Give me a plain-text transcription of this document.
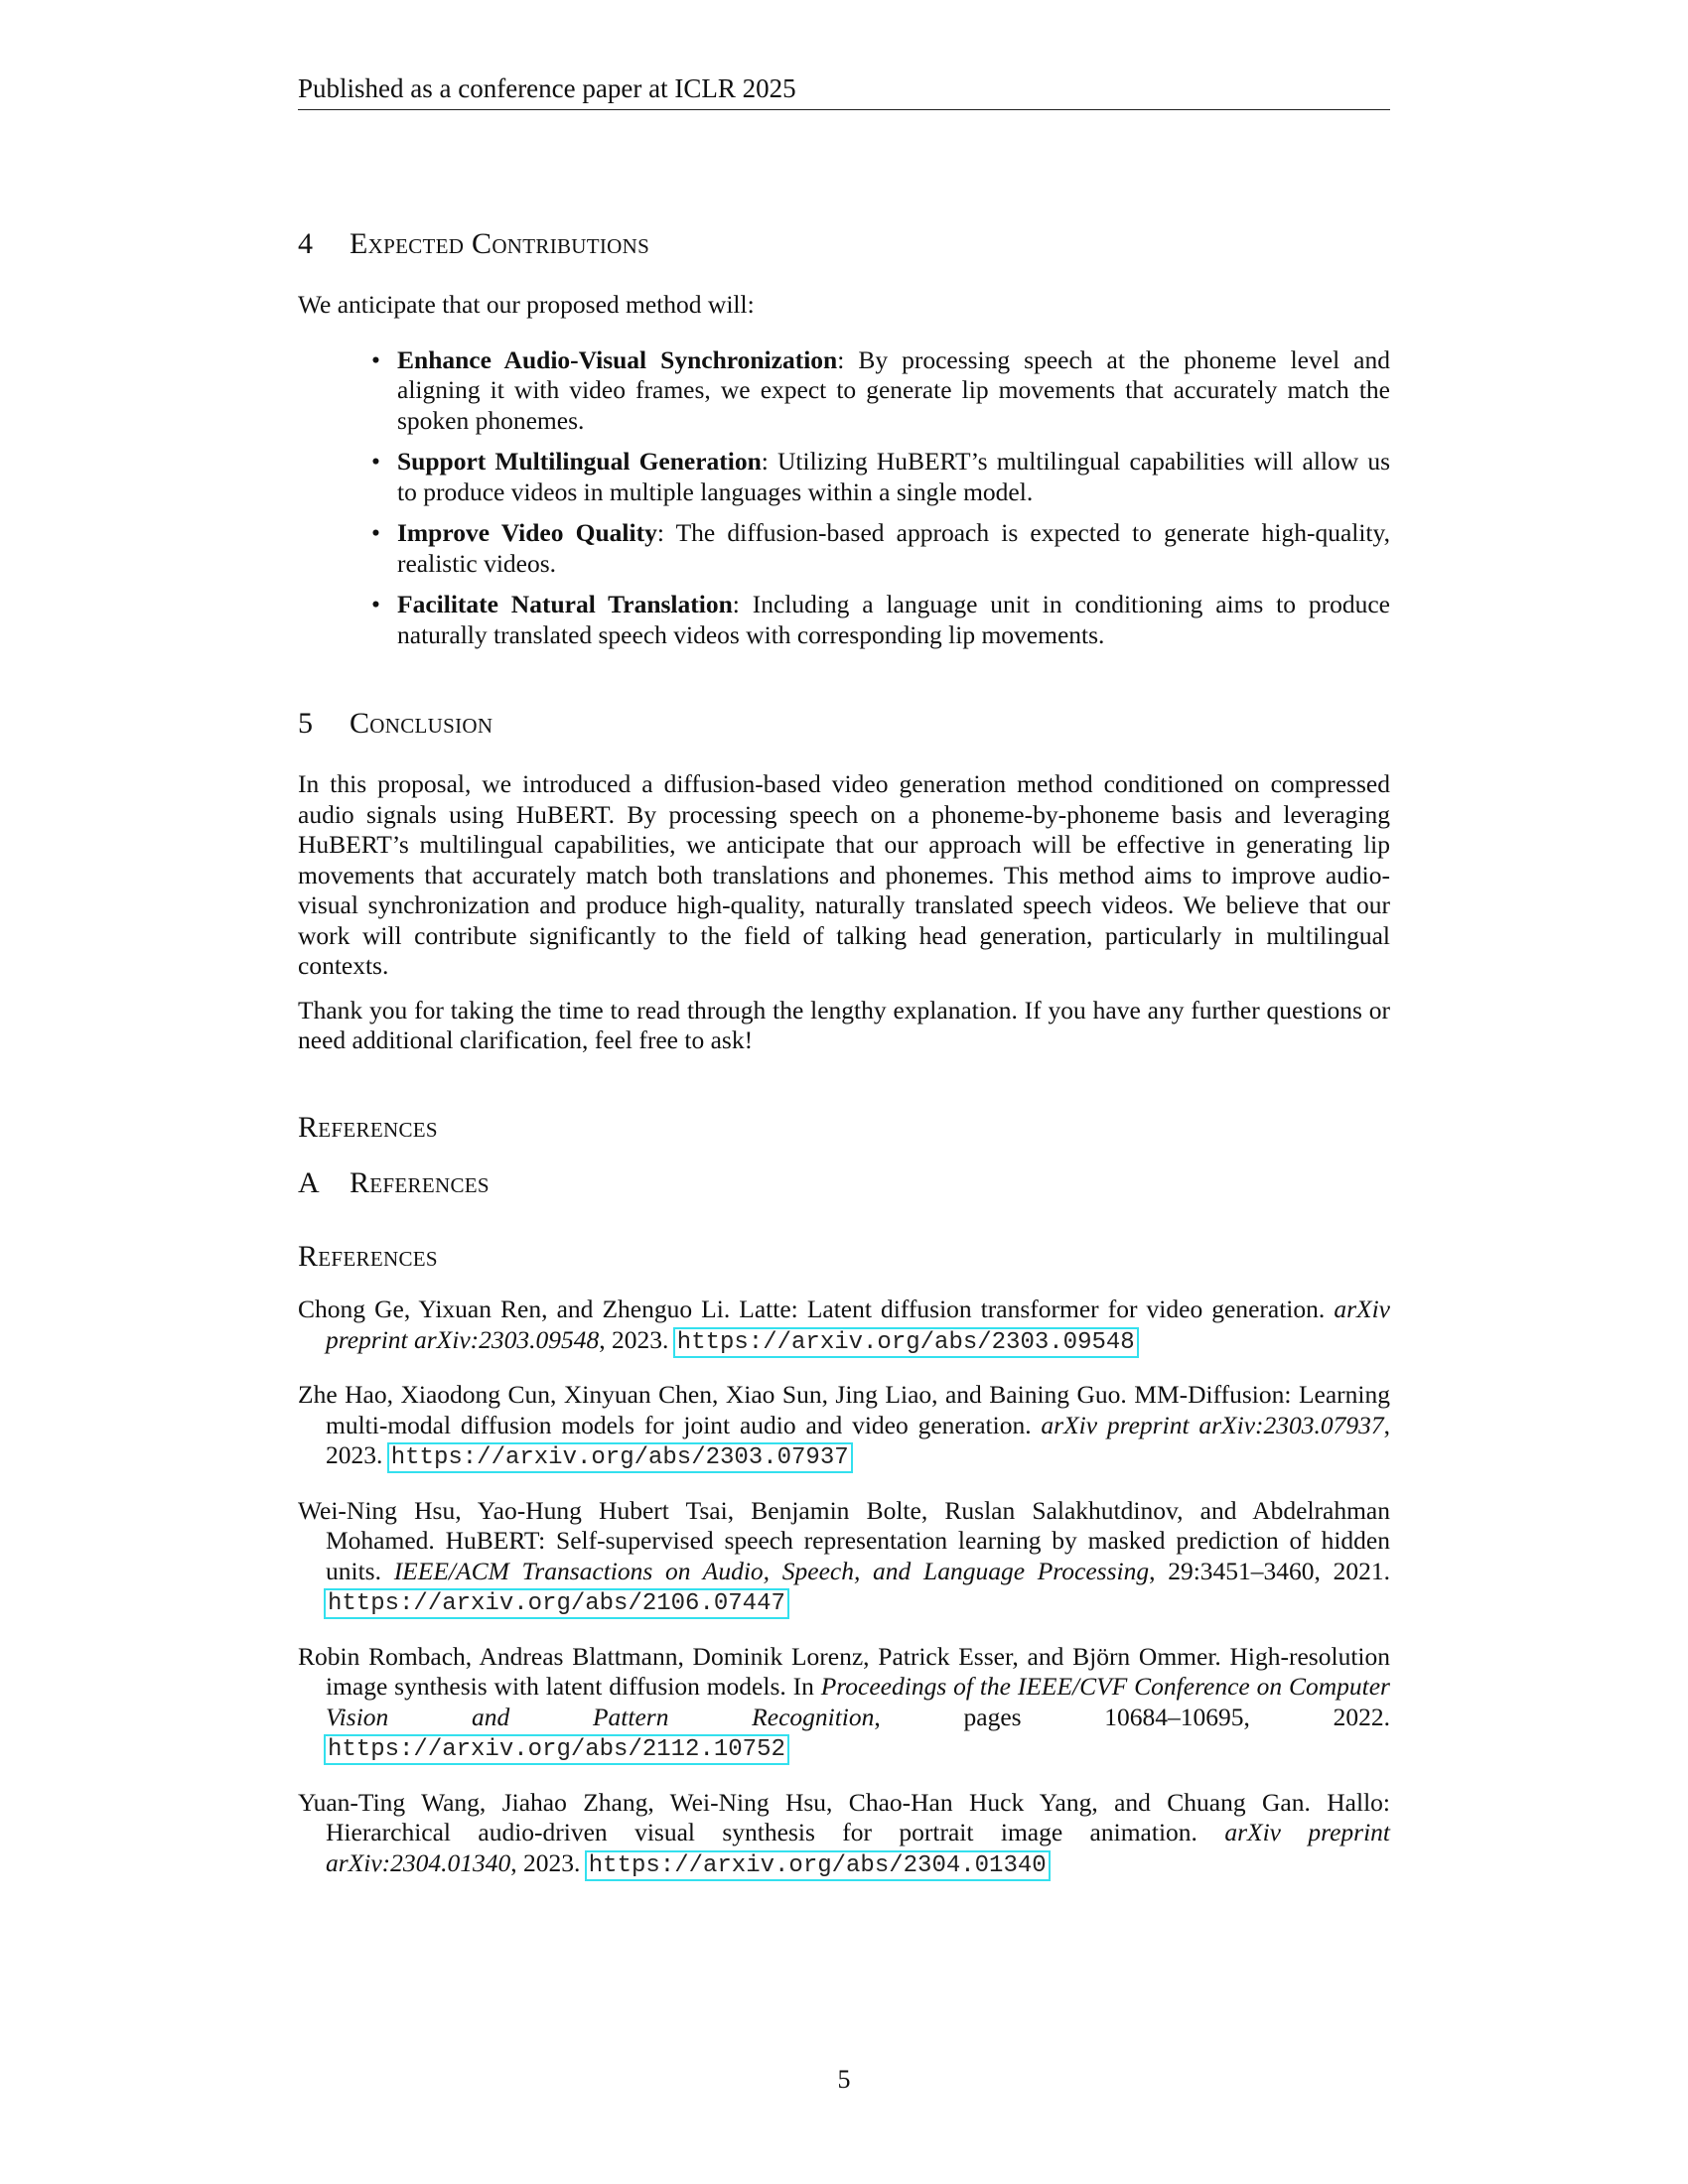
Published as a conference paper at ICLR 2025
4 Expected Contributions

We anticipate that our proposed method will:

• Enhance Audio-Visual Synchronization: By processing speech at the phoneme level and aligning it with video frames, we expect to generate lip movements that accurately match the spoken phonemes.
• Support Multilingual Generation: Utilizing HuBERT’s multilingual capabilities will allow us to produce videos in multiple languages within a single model.
• Improve Video Quality: The diffusion-based approach is expected to generate high-quality, realistic videos.
• Facilitate Natural Translation: Including a language unit in conditioning aims to produce naturally translated speech videos with corresponding lip movements.
5 Conclusion

In this proposal, we introduced a diffusion-based video generation method conditioned on compressed audio signals using HuBERT. By processing speech on a phoneme-by-phoneme basis and leveraging HuBERT’s multilingual capabilities, we anticipate that our approach will be effective in generating lip movements that accurately match both translations and phonemes. This method aims to improve audio-visual synchronization and produce high-quality, naturally translated speech videos. We believe that our work will contribute significantly to the field of talking head generation, particularly in multilingual contexts.

Thank you for taking the time to read through the lengthy explanation. If you have any further questions or need additional clarification, feel free to ask!

References
A References
References

Chong Ge, Yixuan Ren, and Zhenguo Li. Latte: Latent diffusion transformer for video generation. arXiv preprint arXiv:2303.09548, 2023. https://arxiv.org/abs/2303.09548

Zhe Hao, Xiaodong Cun, Xinyuan Chen, Xiao Sun, Jing Liao, and Baining Guo. MM-Diffusion: Learning multi-modal diffusion models for joint audio and video generation. arXiv preprint arXiv:2303.07937, 2023. https://arxiv.org/abs/2303.07937

Wei-Ning Hsu, Yao-Hung Hubert Tsai, Benjamin Bolte, Ruslan Salakhutdinov, and Abdelrahman Mohamed. HuBERT: Self-supervised speech representation learning by masked prediction of hidden units. IEEE/ACM Transactions on Audio, Speech, and Language Processing, 29:3451–3460, 2021. https://arxiv.org/abs/2106.07447

Robin Rombach, Andreas Blattmann, Dominik Lorenz, Patrick Esser, and Björn Ommer. High-resolution image synthesis with latent diffusion models. In Proceedings of the IEEE/CVF Conference on Computer Vision and Pattern Recognition, pages 10684–10695, 2022. https://arxiv.org/abs/2112.10752

Yuan-Ting Wang, Jiahao Zhang, Wei-Ning Hsu, Chao-Han Huck Yang, and Chuang Gan. Hallo: Hierarchical audio-driven visual synthesis for portrait image animation. arXiv preprint arXiv:2304.01340, 2023. https://arxiv.org/abs/2304.01340

5
